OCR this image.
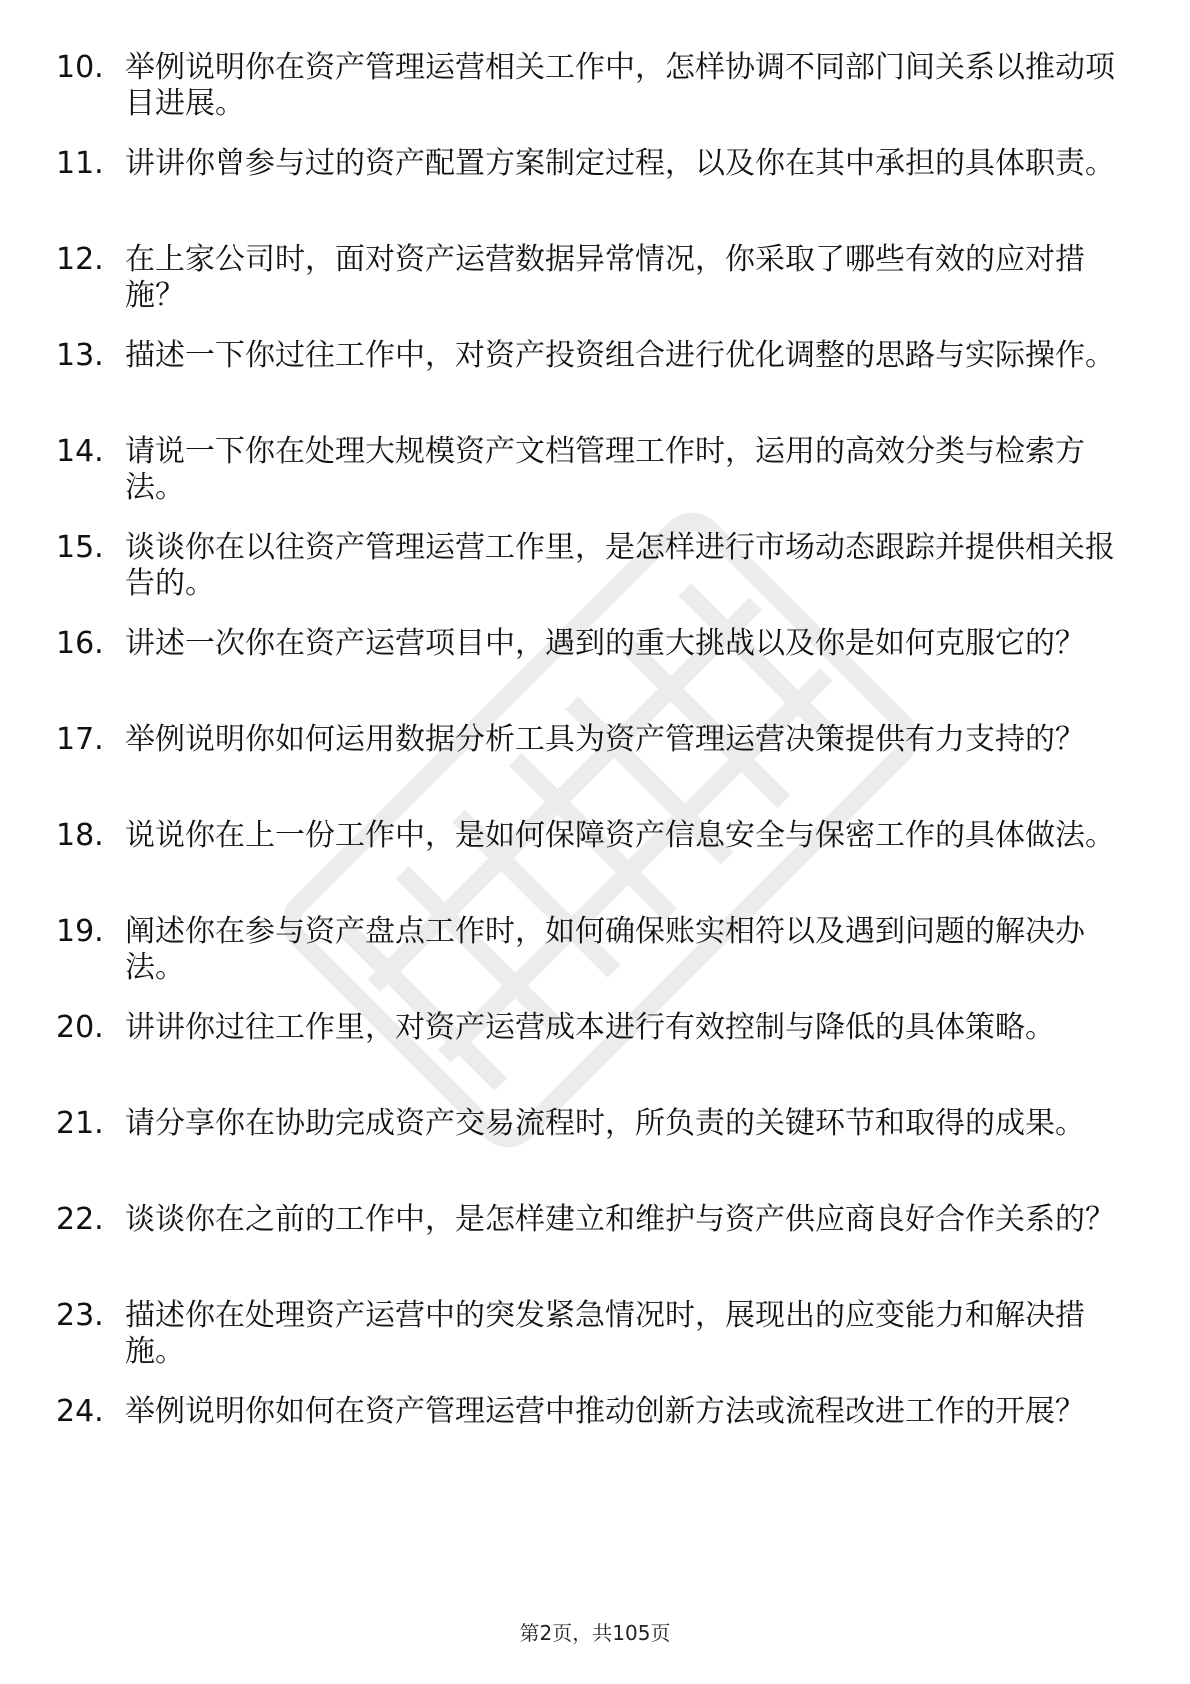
10. 举例说明你在资产管理运营相关工作中，怎样协调不同部门间关系以推动项目进展。
11. 讲讲你曾参与过的资产配置方案制定过程，以及你在其中承担的具体职责。
12. 在上家公司时，面对资产运营数据异常情况，你采取了哪些有效的应对措施？
13. 描述一下你过往工作中，对资产投资组合进行优化调整的思路与实际操作。
14. 请说一下你在处理大规模资产文档管理工作时，运用的高效分类与检索方法。
15. 谈谈你在以往资产管理运营工作里，是怎样进行市场动态跟踪并提供相关报告的。
16. 讲述一次你在资产运营项目中，遇到的重大挑战以及你是如何克服它的？
17. 举例说明你如何运用数据分析工具为资产管理运营决策提供有力支持的？
18. 说说你在上一份工作中，是如何保障资产信息安全与保密工作的具体做法。
19. 阐述你在参与资产盘点工作时，如何确保账实相符以及遇到问题的解决办法。
20. 讲讲你过往工作里，对资产运营成本进行有效控制与降低的具体策略。
21. 请分享你在协助完成资产交易流程时，所负责的关键环节和取得的成果。
22. 谈谈你在之前的工作中，是怎样建立和维护与资产供应商良好合作关系的？
23. 描述你在处理资产运营中的突发紧急情况时，展现出的应变能力和解决措施。
24. 举例说明你如何在资产管理运营中推动创新方法或流程改进工作的开展？
第2页，共105页
